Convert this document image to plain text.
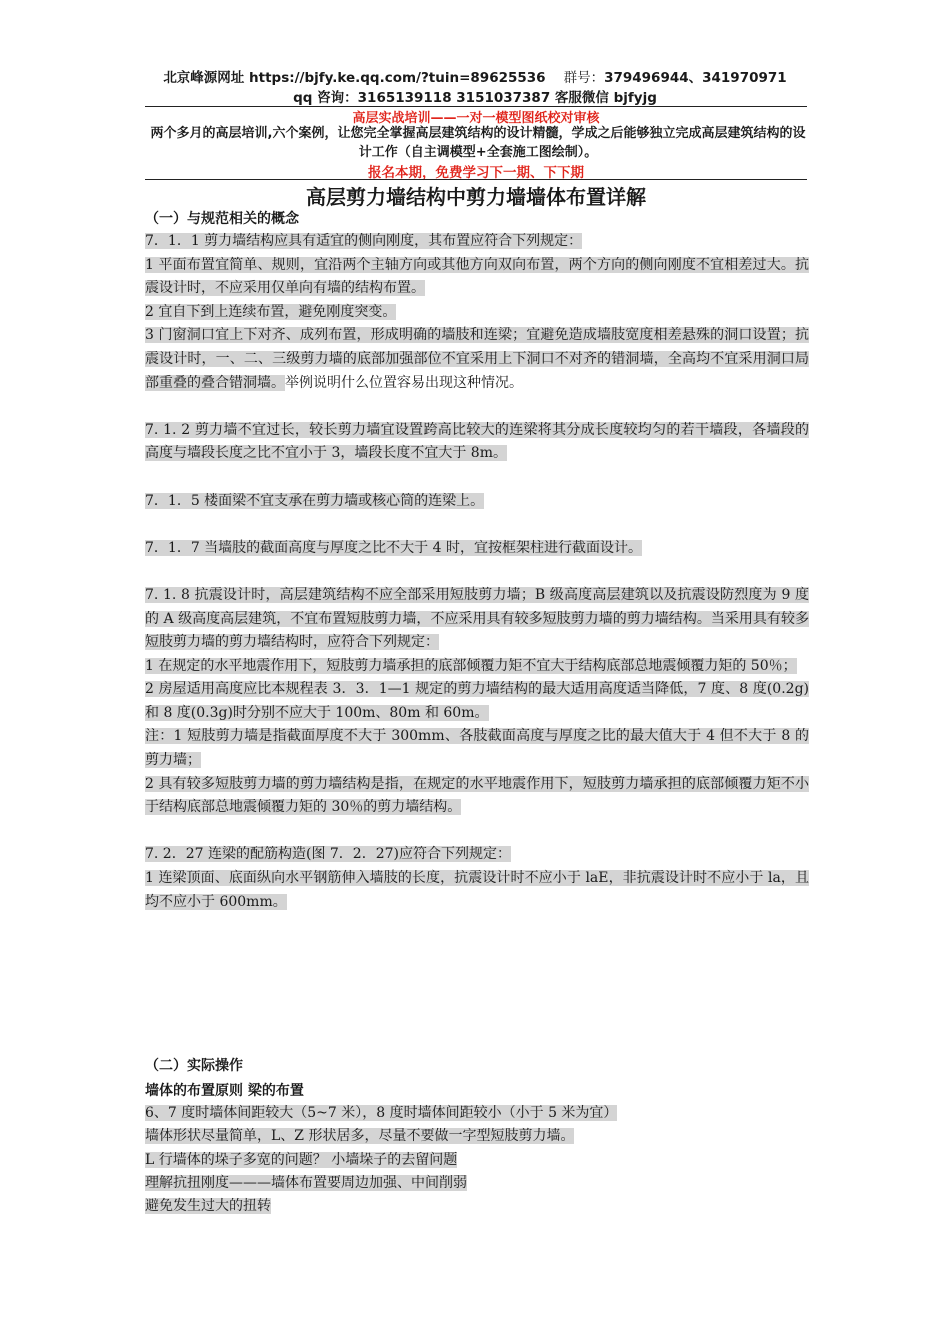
北京峰源网址 https://bjfy.ke.qq.com/?tuin=89625536 群号：379496944、341970971
qq 咨询：3165139118 3151037387 客服微信 bjfyjg
高层实战培训——一对一模型图纸校对审核
两个多月的高层培训,六个案例，让您完全掌握高层建筑结构的设计精髓，学成之后能够独立完成高层建筑结构的设计工作（自主调模型+全套施工图绘制）。
报名本期，免费学习下一期、下下期
高层剪力墙结构中剪力墙墙体布置详解
（一）与规范相关的概念

7．1．1 剪力墙结构应具有适宜的侧向刚度，其布置应符合下列规定：

1 平面布置宜简单、规则，宜沿两个主轴方向或其他方向双向布置，两个方向的侧向刚度不宜相差过大。抗震设计时，不应采用仅单向有墙的结构布置。

2 宜自下到上连续布置，避免刚度突变。

3 门窗洞口宜上下对齐、成列布置，形成明确的墙肢和连梁；宜避免造成墙肢宽度相差悬殊的洞口设置；抗震设计时，一、二、三级剪力墙的底部加强部位不宜采用上下洞口不对齐的错洞墙，全高均不宜采用洞口局部重叠的叠合错洞墙。举例说明什么位置容易出现这种情况。

7. 1. 2 剪力墙不宜过长，较长剪力墙宜设置跨高比较大的连梁将其分成长度较均匀的若干墙段，各墙段的高度与墙段长度之比不宜小于 3，墙段长度不宜大于 8m。

7．1．5 楼面梁不宜支承在剪力墙或核心筒的连梁上。

7．1．7 当墙肢的截面高度与厚度之比不大于 4 时，宜按框架柱进行截面设计。

7. 1. 8 抗震设计时，高层建筑结构不应全部采用短肢剪力墙；B 级高度高层建筑以及抗震设防烈度为 9 度的 A 级高度高层建筑，不宜布置短肢剪力墙，不应采用具有较多短肢剪力墙的剪力墙结构。当采用具有较多短肢剪力墙的剪力墙结构时，应符合下列规定：

1 在规定的水平地震作用下，短肢剪力墙承担的底部倾覆力矩不宜大于结构底部总地震倾覆力矩的 50％；

2 房屋适用高度应比本规程表 3．3．1—1 规定的剪力墙结构的最大适用高度适当降低，7 度、8 度(0.2g)和 8 度(0.3g)时分别不应大于 100m、80m 和 60m。

注：1 短肢剪力墙是指截面厚度不大于 300mm、各肢截面高度与厚度之比的最大值大于 4 但不大于 8 的剪力墙；

2 具有较多短肢剪力墙的剪力墙结构是指，在规定的水平地震作用下，短肢剪力墙承担的底部倾覆力矩不小于结构底部总地震倾覆力矩的 30％的剪力墙结构。

7. 2．27 连梁的配筋构造(图 7．2．27)应符合下列规定：

1 连梁顶面、底面纵向水平钢筋伸入墙肢的长度，抗震设计时不应小于 laE，非抗震设计时不应小于 la，且均不应小于 600mm。

（二）实际操作
墙体的布置原则 梁的布置

6、7 度时墙体间距较大（5~7 米），8 度时墙体间距较小（小于 5 米为宜）

墙体形状尽量简单，L、Z 形状居多，尽量不要做一字型短肢剪力墙。

L 行墙体的垛子多宽的问题？ 小墙垛子的去留问题

理解抗扭刚度———墙体布置要周边加强、中间削弱

避免发生过大的扭转
